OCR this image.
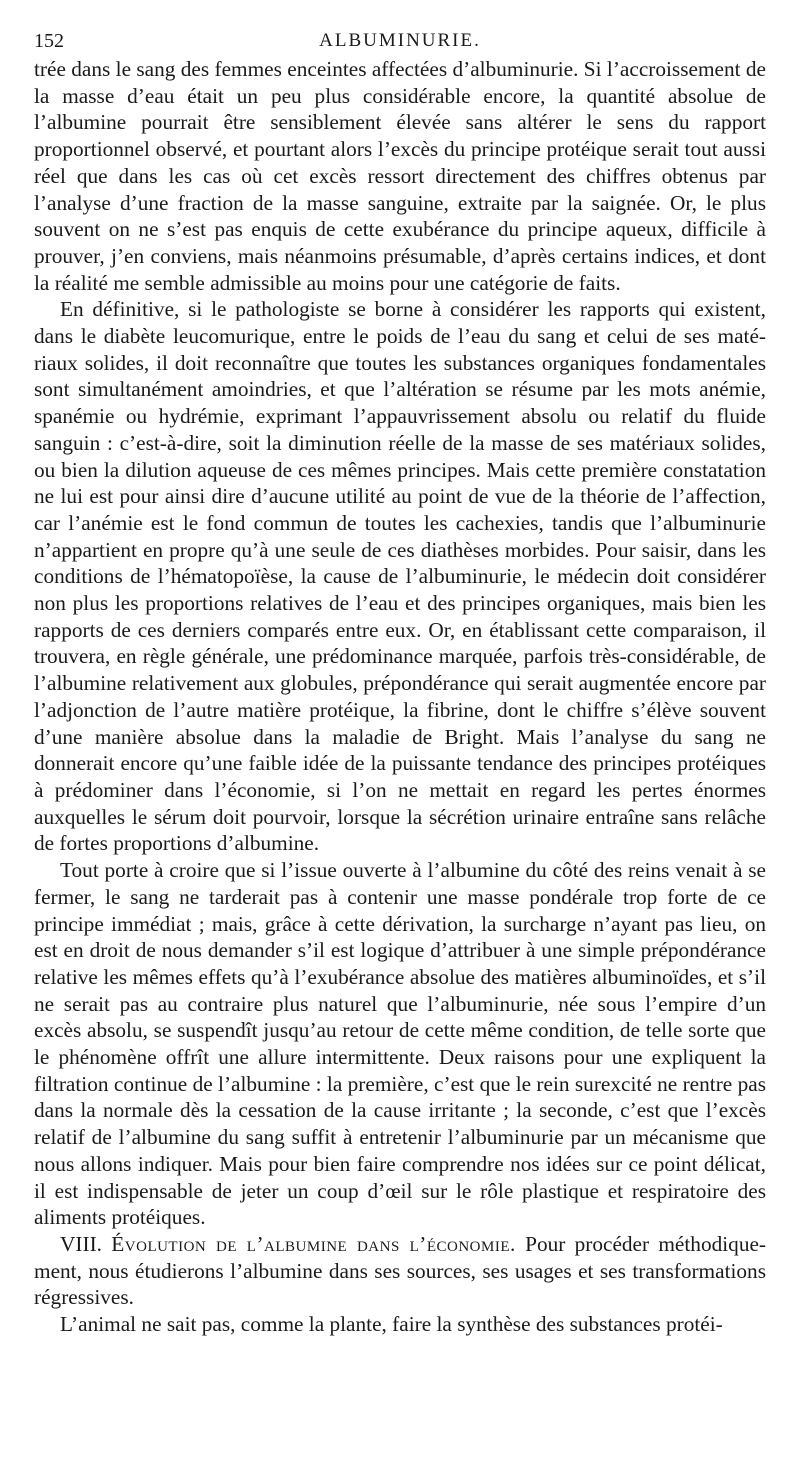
152	ALBUMINURIE.

trée dans le sang des femmes enceintes affectées d’albuminurie. Si l’accroissement de la masse d’eau était un peu plus considérable encore, la quantité absolue de l’albumine pourrait être sensiblement élevée sans altérer le sens du rapport proportionnel observé, et pourtant alors l’excès du principe protéique serait tout aussi réel que dans les cas où cet excès ressort directement des chiffres obtenus par l’analyse d’une fraction de la masse sanguine, extraite par la saignée. Or, le plus souvent on ne s’est pas enquis de cette exubérance du principe aqueux, difficile à prouver, j’en conviens, mais néanmoins présumable, d’après certains indices, et dont la réalité me semble admissible au moins pour une catégorie de faits.

En définitive, si le pathologiste se borne à considérer les rapports qui existent, dans le diabète leucomurique, entre le poids de l’eau du sang et celui de ses matériaux solides, il doit reconnaître que toutes les substances organiques fondamentales sont simultanément amoindries, et que l’altération se résume par les mots anémie, spanémie ou hydrémie, exprimant l’appauvrissement absolu ou relatif du fluide sanguin : c’est-à-dire, soit la diminution réelle de la masse de ses matériaux solides, ou bien la dilution aqueuse de ces mêmes principes. Mais cette première constatation ne lui est pour ainsi dire d’aucune utilité au point de vue de la théorie de l’affection, car l’anémie est le fond commun de toutes les cachexies, tandis que l’albuminurie n’appartient en propre qu’à une seule de ces diathèses morbides. Pour saisir, dans les conditions de l’hématopoïèse, la cause de l’albuminurie, le médecin doit considérer non plus les proportions relatives de l’eau et des principes organiques, mais bien les rapports de ces derniers comparés entre eux. Or, en établissant cette comparaison, il trouvera, en règle générale, une prédominance marquée, parfois très-considérable, de l’albumine relativement aux globules, prépondérance qui serait augmentée encore par l’adjonction de l’autre matière protéique, la fibrine, dont le chiffre s’élève souvent d’une manière absolue dans la maladie de Bright. Mais l’analyse du sang ne donnerait encore qu’une faible idée de la puissante tendance des principes protéiques à prédominer dans l’économie, si l’on ne mettait en regard les pertes énormes auxquelles le sérum doit pourvoir, lorsque la sécrétion urinaire entraîne sans relâche de fortes proportions d’albumine.

Tout porte à croire que si l’issue ouverte à l’albumine du côté des reins venait à se fermer, le sang ne tarderait pas à contenir une masse pondérale trop forte de ce principe immédiat ; mais, grâce à cette dérivation, la surcharge n’ayant pas lieu, on est en droit de nous demander s’il est logique d’attribuer à une simple prépondérance relative les mêmes effets qu’à l’exubérance absolue des matières albuminoïdes, et s’il ne serait pas au contraire plus naturel que l’albuminurie, née sous l’empire d’un excès absolu, se suspendît jusqu’au retour de cette même condition, de telle sorte que le phénomène offrît une allure intermittente. Deux raisons pour une expliquent la filtration continue de l’albumine : la première, c’est que le rein surexcité ne rentre pas dans la normale dès la cessation de la cause irritante ; la seconde, c’est que l’excès relatif de l’albumine du sang suffit à entretenir l’albuminurie par un mécanisme que nous allons indiquer. Mais pour bien faire comprendre nos idées sur ce point délicat, il est indispensable de jeter un coup d’œil sur le rôle plastique et respiratoire des aliments protéiques.

VIII. Évolution de l’albumine dans l’économie. Pour procéder méthodiquement, nous étudierons l’albumine dans ses sources, ses usages et ses transformations régressives.

L’animal ne sait pas, comme la plante, faire la synthèse des substances protéi-
